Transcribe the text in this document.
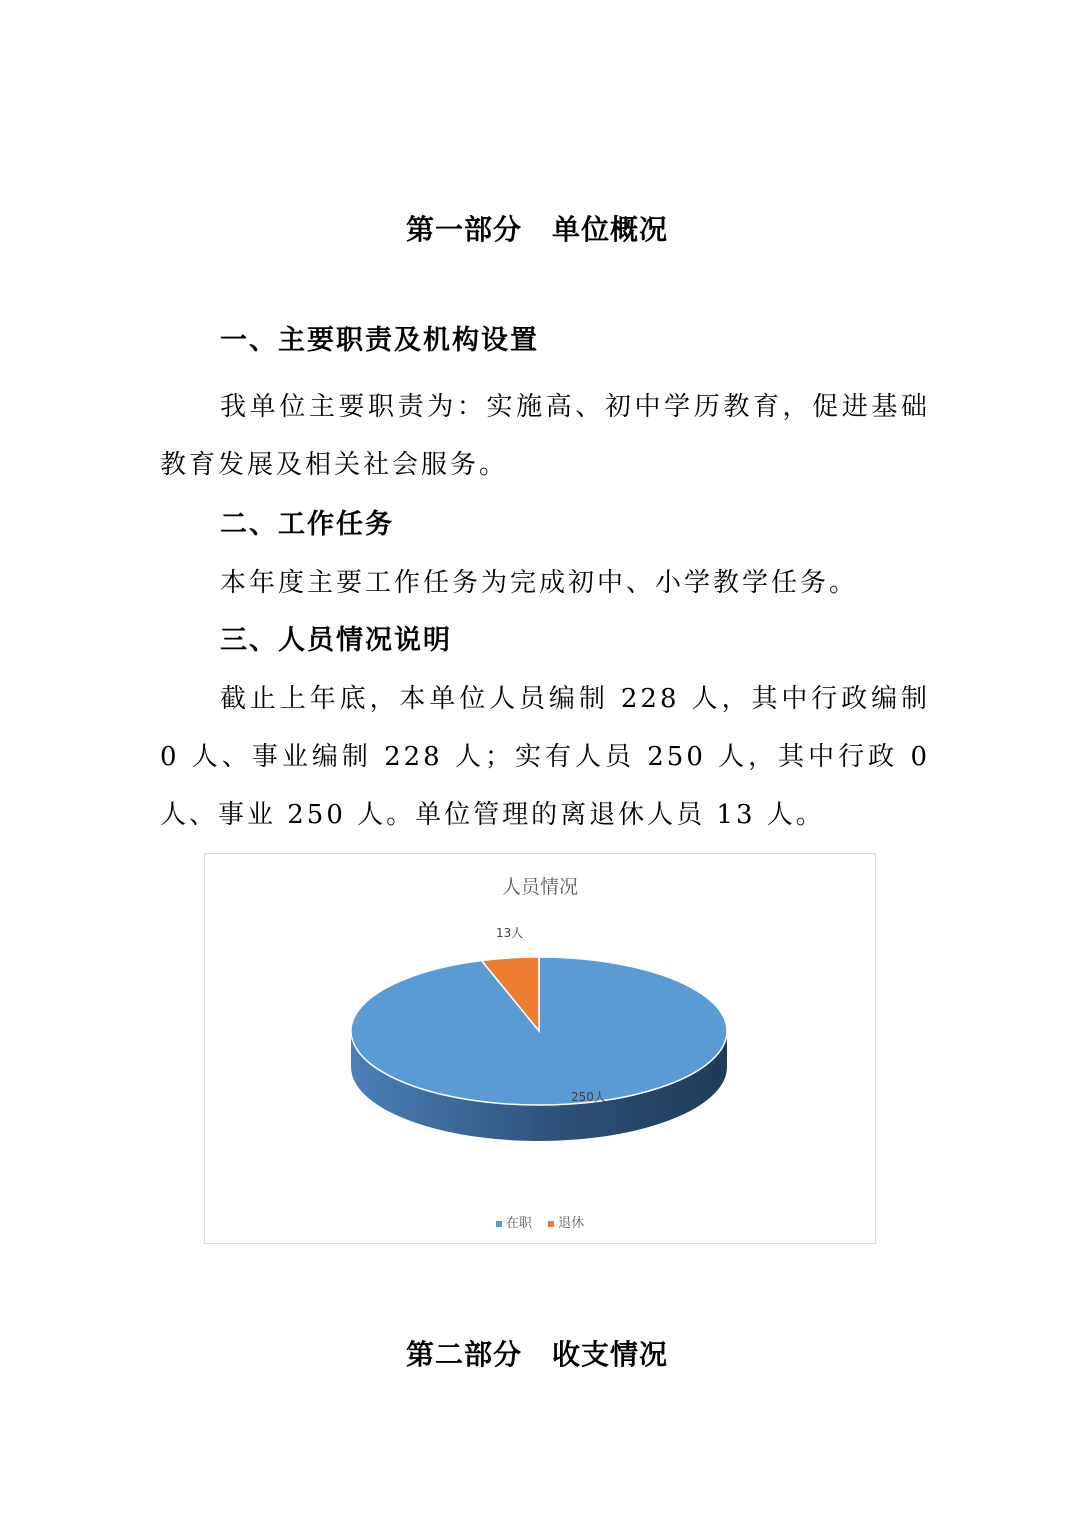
第一部分 单位概况
一、主要职责及机构设置
我单位主要职责为：实施高、初中学历教育，促进基础教育发展及相关社会服务。
二、工作任务
本年度主要工作任务为完成初中、小学教学任务。
三、人员情况说明
截止上年底，本单位人员编制 228 人，其中行政编制 0 人、事业编制 228 人；实有人员 250 人，其中行政 0 人、事业 250 人。单位管理的离退休人员 13 人。
人员情况
13人
250人
在职 退休
第二部分 收支情况
